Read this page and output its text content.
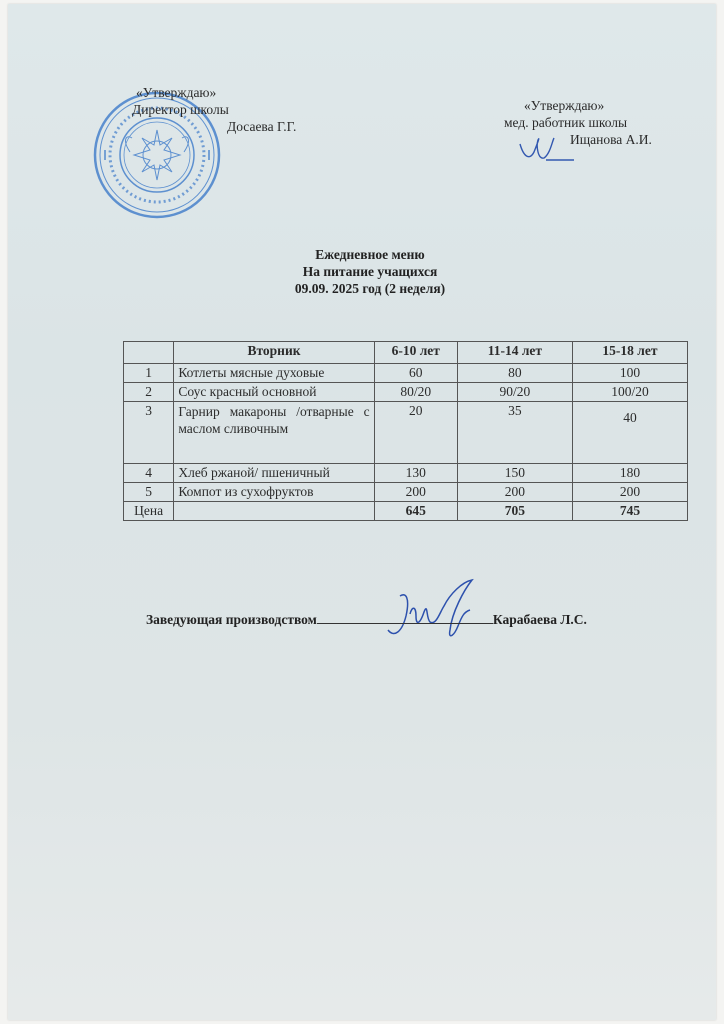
«Утверждаю»
Директор школы
Досаева Г.Г.
«Утверждаю»
мед. работник школы
Ищанова А.И.
Ежедневное меню
На питание учащихся
09.09. 2025 год (2 неделя)
	Вторник	6-10 лет	11-14 лет	15-18 лет
1	Котлеты мясные духовые	60	80	100
2	Соус красный основной	80/20	90/20	100/20
3	Гарнир макароны /отварные с маслом сливочным	20	35	40
4	Хлеб ржаной/ пшеничный	130	150	180
5	Компот из сухофруктов	200	200	200
Цена		645	705	745
Заведующая производством	Карабаева Л.С.
